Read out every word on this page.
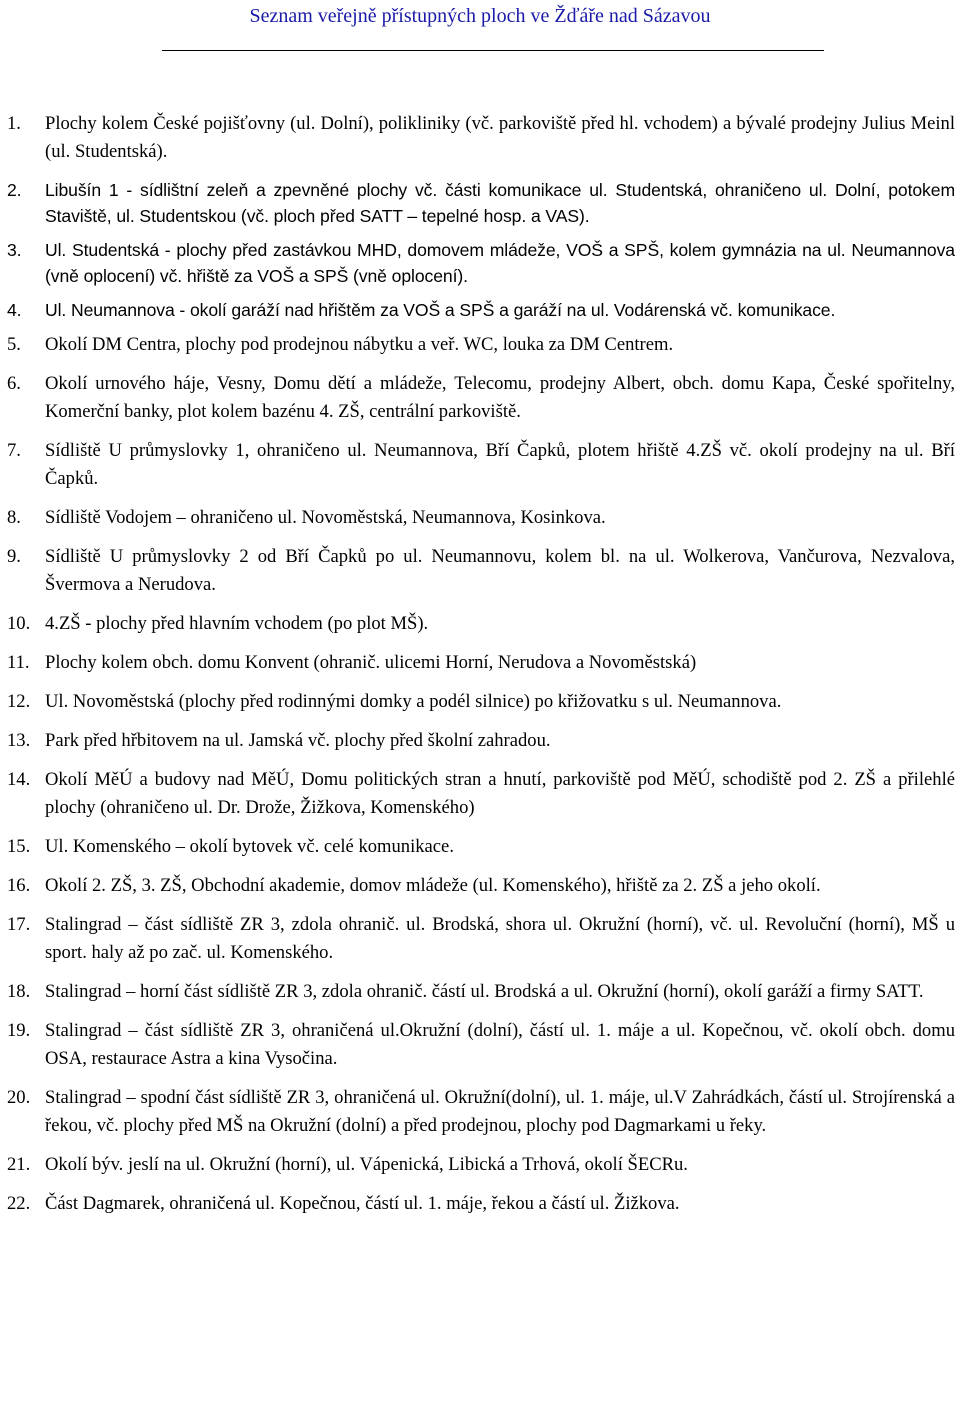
Seznam veřejně přístupných ploch ve Žďáře nad Sázavou
1. Plochy kolem České pojišťovny (ul. Dolní), polikliniky (vč. parkoviště před hl. vchodem) a bývalé prodejny Julius Meinl (ul. Studentská).
2. Libušín 1 - sídlištní zeleň a zpevněné plochy vč. části komunikace ul. Studentská, ohraničeno ul. Dolní, potokem Staviště, ul. Studentskou (vč. ploch před SATT – tepelné hosp. a VAS).
3. Ul. Studentská - plochy před zastávkou MHD, domovem mládeže, VOŠ a SPŠ, kolem gymnázia na ul. Neumannova (vně oplocení) vč. hřiště za VOŠ a SPŠ (vně oplocení).
4. Ul. Neumannova - okolí garáží nad hřištěm za VOŠ a SPŠ a garáží na ul. Vodárenská vč. komunikace.
5. Okolí DM Centra, plochy pod prodejnou nábytku a veř. WC, louka za DM Centrem.
6. Okolí urnového háje, Vesny, Domu dětí a mládeže, Telecomu, prodejny Albert, obch. domu Kapa, České spořitelny, Komerční banky, plot kolem bazénu 4. ZŠ, centrální parkoviště.
7. Sídliště U průmyslovky 1, ohraničeno ul. Neumannova, Bří Čapků, plotem hřiště 4.ZŠ vč. okolí prodejny na ul. Bří Čapků.
8. Sídliště Vodojem – ohraničeno ul. Novoměstská, Neumannova, Kosinkova.
9. Sídliště U průmyslovky 2 od Bří Čapků po ul. Neumannovu, kolem bl. na ul. Wolkerova, Vančurova, Nezvalova, Švermova a Nerudova.
10. 4.ZŠ - plochy před hlavním vchodem (po plot MŠ).
11. Plochy kolem obch. domu Konvent (ohranič. ulicemi Horní, Nerudova a Novoměstská)
12. Ul. Novoměstská (plochy před rodinnými domky a podél silnice) po křižovatku s ul. Neumannova.
13. Park před hřbitovem na ul. Jamská vč. plochy před školní zahradou.
14. Okolí MěÚ a budovy nad MěÚ, Domu politických stran a hnutí, parkoviště pod MěÚ, schodiště pod 2. ZŠ a přilehlé plochy (ohraničeno ul. Dr. Drože, Žižkova, Komenského)
15. Ul. Komenského – okolí bytovek vč. celé komunikace.
16. Okolí 2. ZŠ, 3. ZŠ, Obchodní akademie, domov mládeže (ul. Komenského), hřiště za 2. ZŠ a jeho okolí.
17. Stalingrad – část sídliště ZR 3, zdola ohranič. ul. Brodská, shora ul. Okružní (horní), vč. ul. Revoluční (horní), MŠ u sport. haly až po zač. ul. Komenského.
18. Stalingrad – horní část sídliště ZR 3, zdola ohranič. částí ul. Brodská a ul. Okružní (horní), okolí garáží a firmy SATT.
19. Stalingrad – část sídliště ZR 3, ohraničená ul.Okružní (dolní), částí ul. 1. máje a ul. Kopečnou, vč. okolí obch. domu OSA, restaurace Astra a kina Vysočina.
20. Stalingrad – spodní část sídliště ZR 3, ohraničená ul. Okružní(dolní), ul. 1. máje, ul.V Zahrádkách, částí ul. Strojírenská a řekou, vč. plochy před MŠ na Okružní (dolní) a před prodejnou, plochy pod Dagmarkami u řeky.
21. Okolí býv. jeslí na ul. Okružní (horní), ul. Vápenická, Libická a Trhová, okolí ŠECRu.
22. Část Dagmarek, ohraničená ul. Kopečnou, částí ul. 1. máje, řekou a částí ul. Žižkova.
